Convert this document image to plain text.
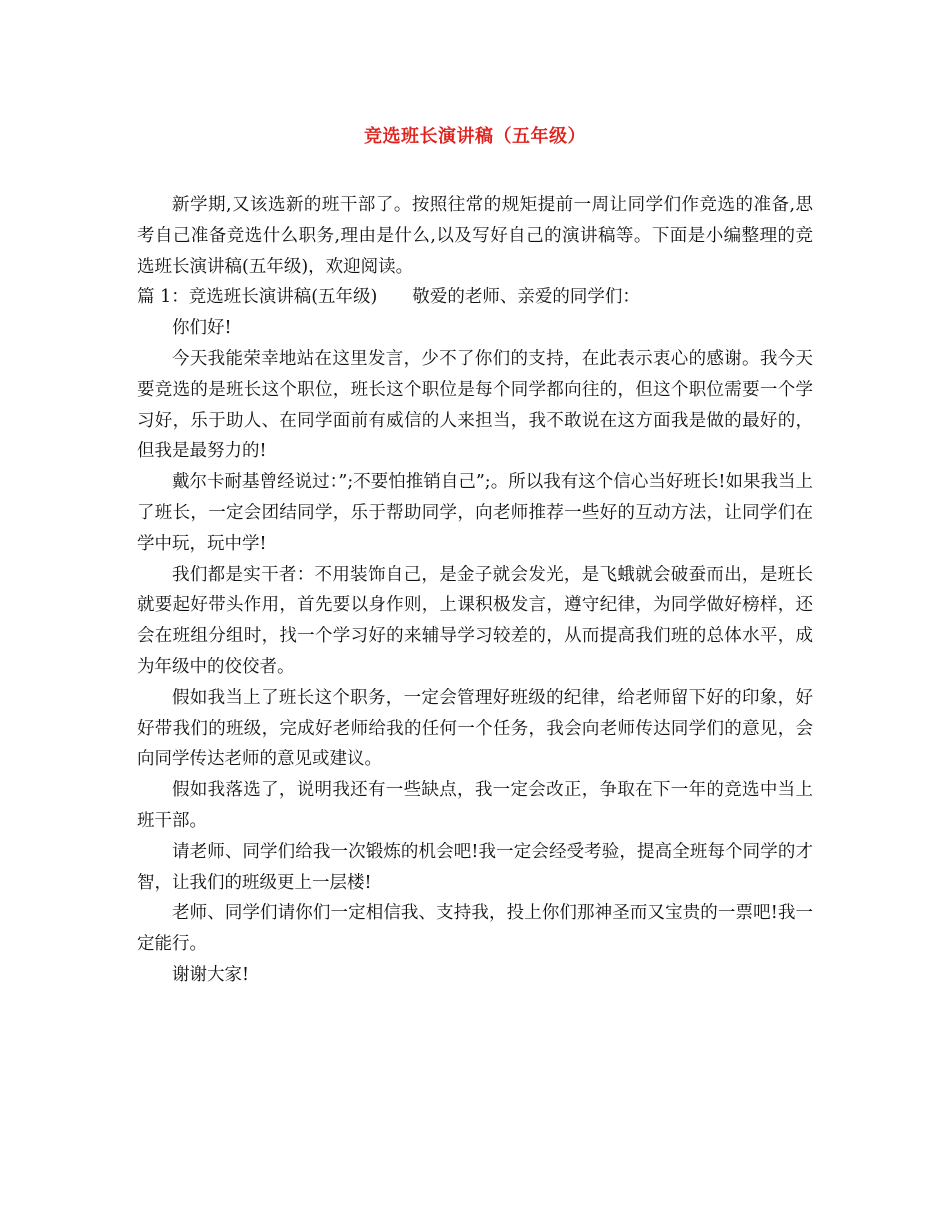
竞选班长演讲稿（五年级）

新学期,又该选新的班干部了。按照往常的规矩提前一周让同学们作竞选的准备,思考自己准备竞选什么职务,理由是什么,以及写好自己的演讲稿等。下面是小编整理的竞选班长演讲稿(五年级)，欢迎阅读。

篇 1：竞选班长演讲稿(五年级)　　敬爱的老师、亲爱的同学们：

你们好!

今天我能荣幸地站在这里发言，少不了你们的支持，在此表示衷心的感谢。我今天要竞选的是班长这个职位，班长这个职位是每个同学都向往的，但这个职位需要一个学习好，乐于助人、在同学面前有威信的人来担当，我不敢说在这方面我是做的最好的，但我是最努力的!

戴尔卡耐基曾经说过：”;不要怕推销自己”;。所以我有这个信心当好班长!如果我当上了班长，一定会团结同学，乐于帮助同学，向老师推荐一些好的互动方法，让同学们在学中玩，玩中学!

我们都是实干者：不用装饰自己，是金子就会发光，是飞蛾就会破蚕而出，是班长就要起好带头作用，首先要以身作则，上课积极发言，遵守纪律，为同学做好榜样，还会在班组分组时，找一个学习好的来辅导学习较差的，从而提高我们班的总体水平，成为年级中的佼佼者。

假如我当上了班长这个职务，一定会管理好班级的纪律，给老师留下好的印象，好好带我们的班级，完成好老师给我的任何一个任务，我会向老师传达同学们的意见，会向同学传达老师的意见或建议。

假如我落选了，说明我还有一些缺点，我一定会改正，争取在下一年的竞选中当上班干部。

请老师、同学们给我一次锻炼的机会吧!我一定会经受考验，提高全班每个同学的才智，让我们的班级更上一层楼!

老师、同学们请你们一定相信我、支持我，投上你们那神圣而又宝贵的一票吧!我一定能行。

谢谢大家!
